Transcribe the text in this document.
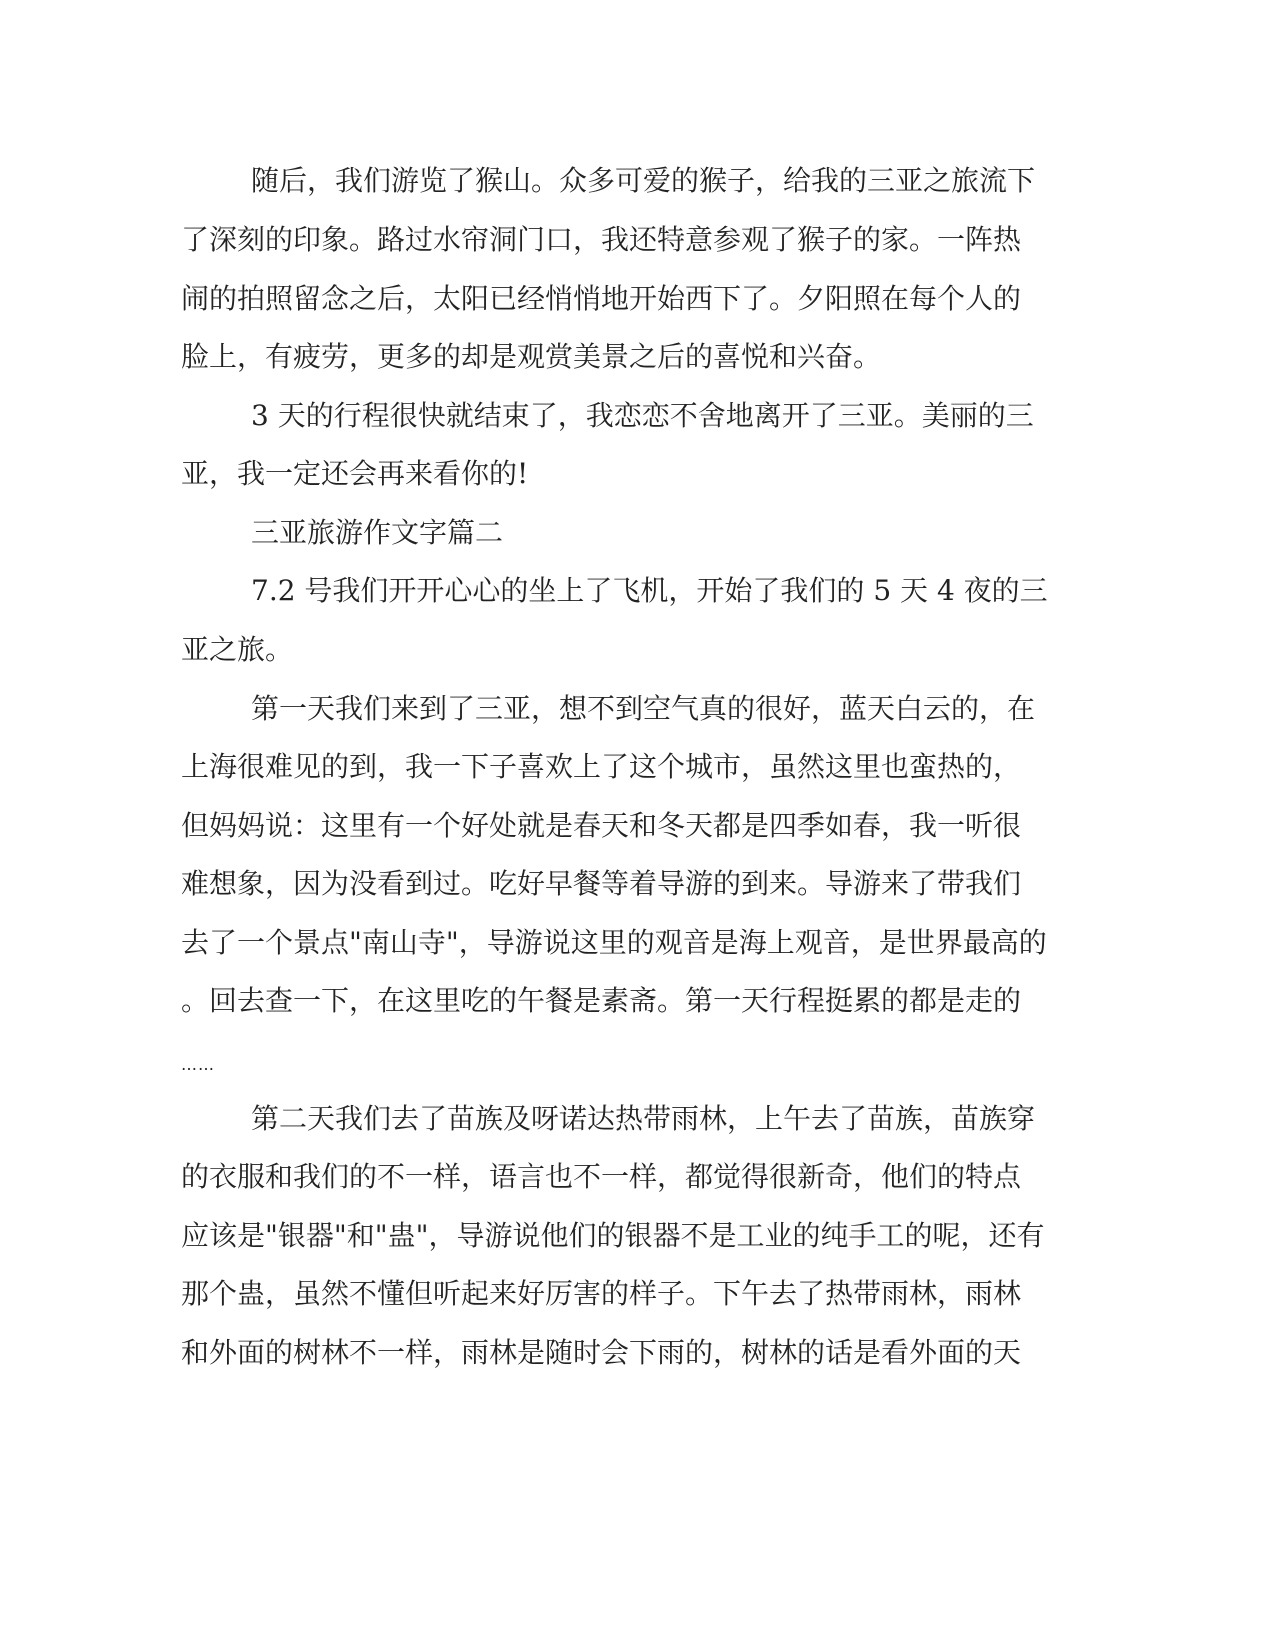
随后，我们游览了猴山。众多可爱的猴子，给我的三亚之旅流下

了深刻的印象。路过水帘洞门口，我还特意参观了猴子的家。一阵热

闹的拍照留念之后，太阳已经悄悄地开始西下了。夕阳照在每个人的

脸上，有疲劳，更多的却是观赏美景之后的喜悦和兴奋。

3 天的行程很快就结束了，我恋恋不舍地离开了三亚。美丽的三

亚，我一定还会再来看你的!

三亚旅游作文字篇二

7.2 号我们开开心心的坐上了飞机，开始了我们的 5 天 4 夜的三

亚之旅。

第一天我们来到了三亚，想不到空气真的很好，蓝天白云的，在

上海很难见的到，我一下子喜欢上了这个城市，虽然这里也蛮热的，

但妈妈说：这里有一个好处就是春天和冬天都是四季如春，我一听很

难想象，因为没看到过。吃好早餐等着导游的到来。导游来了带我们

去了一个景点"南山寺"，导游说这里的观音是海上观音，是世界最高的

。回去查一下，在这里吃的午餐是素斋。第一天行程挺累的都是走的

……

第二天我们去了苗族及呀诺达热带雨林，上午去了苗族，苗族穿

的衣服和我们的不一样，语言也不一样，都觉得很新奇，他们的特点

应该是"银器"和"蛊"，导游说他们的银器不是工业的纯手工的呢，还有

那个蛊，虽然不懂但听起来好厉害的样子。下午去了热带雨林，雨林

和外面的树林不一样，雨林是随时会下雨的，树林的话是看外面的天
